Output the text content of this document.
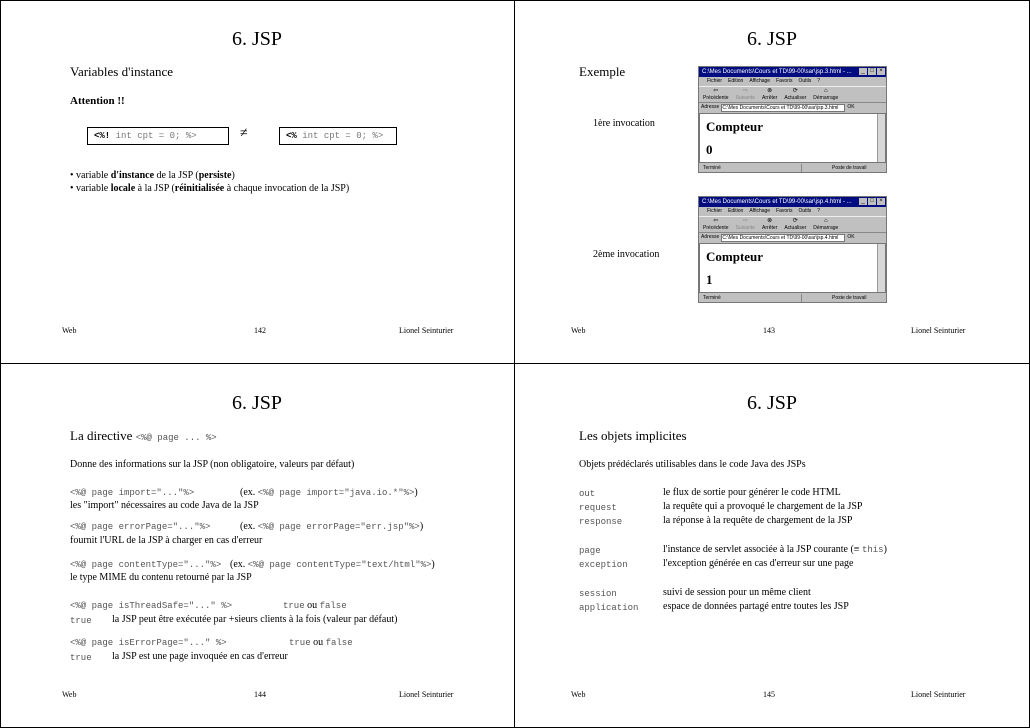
6. JSP
Variables d'instance
Attention !!
<%! int cpt = 0; %>	≠	<% int cpt = 0; %>
• variable d'instance de la JSP (persiste)
• variable locale à la JSP (réinitialisée à chaque invocation de la JSP)
Web	142	Lionel Seinturier
6. JSP
Exemple
1ère invocation
2ème invocation
C:\Mes Documents\Cours et TD\99-00\sar\jsp.3.html - ...	_ □ ×
Fichier Edition Affichage Favoris Outils ?
⇦
Précédente
⇨
Suivante
⊗
Arrêter
⟳
Actualiser
⌂
Démarrage
Adresse C:\Mes Documents\Cours et TD\99-00\sar\jsp.3.html	OK
Compteur
0
Terminé	Poste de travail
C:\Mes Documents\Cours et TD\99-00\sar\jsp.4.html - ...	_ □ ×
Fichier Edition Affichage Favoris Outils ?
⇦
Précédente
⇨
Suivante
⊗
Arrêter
⟳
Actualiser
⌂
Démarrage
Adresse C:\Mes Documents\Cours et TD\99-00\sar\jsp.4.html	OK
Compteur
1
Terminé	Poste de travail
Web	143	Lionel Seinturier
6. JSP
La directive <%@ page ... %>
Donne des informations sur la JSP (non obligatoire, valeurs par défaut)
<%@ page import="..."%>	(ex. <%@ page import="java.io.*"%>)
les "import" nécessaires au code Java de la JSP
<%@ page errorPage="..."%>	(ex. <%@ page errorPage="err.jsp"%>)
fournit l'URL de la JSP à charger en cas d'erreur
<%@ page contentType="..."%> (ex. <%@ page contentType="text/html"%>)
le type MIME du contenu retourné par la JSP
<%@ page isThreadSafe="..." %>	true ou false
true la JSP peut être exécutée par +sieurs clients à la fois (valeur par défaut)
<%@ page isErrorPage="..." %>	true ou false
true la JSP est une page invoquée en cas d'erreur
Web	144	Lionel Seinturier
6. JSP
Les objets implicites
Objets prédéclarés utilisables dans le code Java des JSPs
out	le flux de sortie pour générer le code HTML
request	la requête qui a provoqué le chargement de la JSP
response	la réponse à la requête de chargement de la JSP
page	l'instance de servlet associée à la JSP courante (≡ this)
exception	l'exception générée en cas d'erreur sur une page
session	suivi de session pour un même client
application espace de données partagé entre toutes les JSP
Web	145	Lionel Seinturier
